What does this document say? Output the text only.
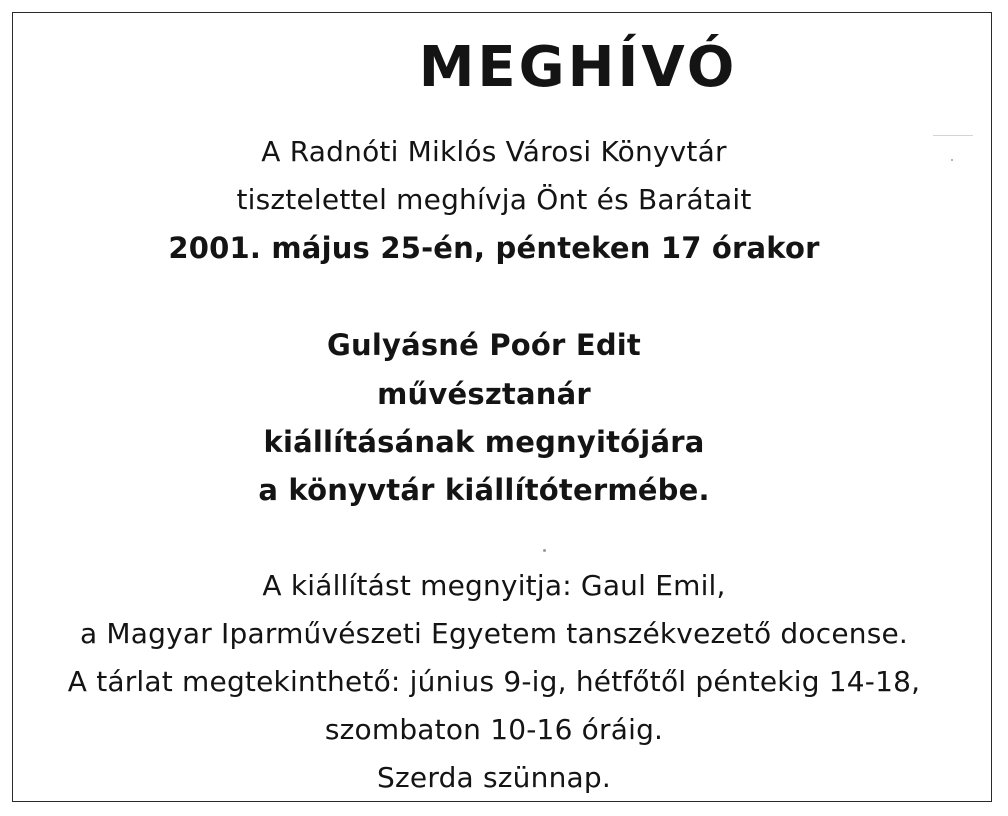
MEGHÍVÓ
A Radnóti Miklós Városi Könyvtár
tisztelettel meghívja Önt és Barátait
2001. május 25-én, pénteken 17 órakor
Gulyásné Poór Edit
művésztanár
kiállításának megnyitójára
a könyvtár kiállítótermébe.
A kiállítást megnyitja: Gaul Emil,
a Magyar Iparművészeti Egyetem tanszékvezető docense.
A tárlat megtekinthető: június 9-ig, hétfőtől péntekig 14-18,
szombaton 10-16 óráig.
Szerda szünnap.
